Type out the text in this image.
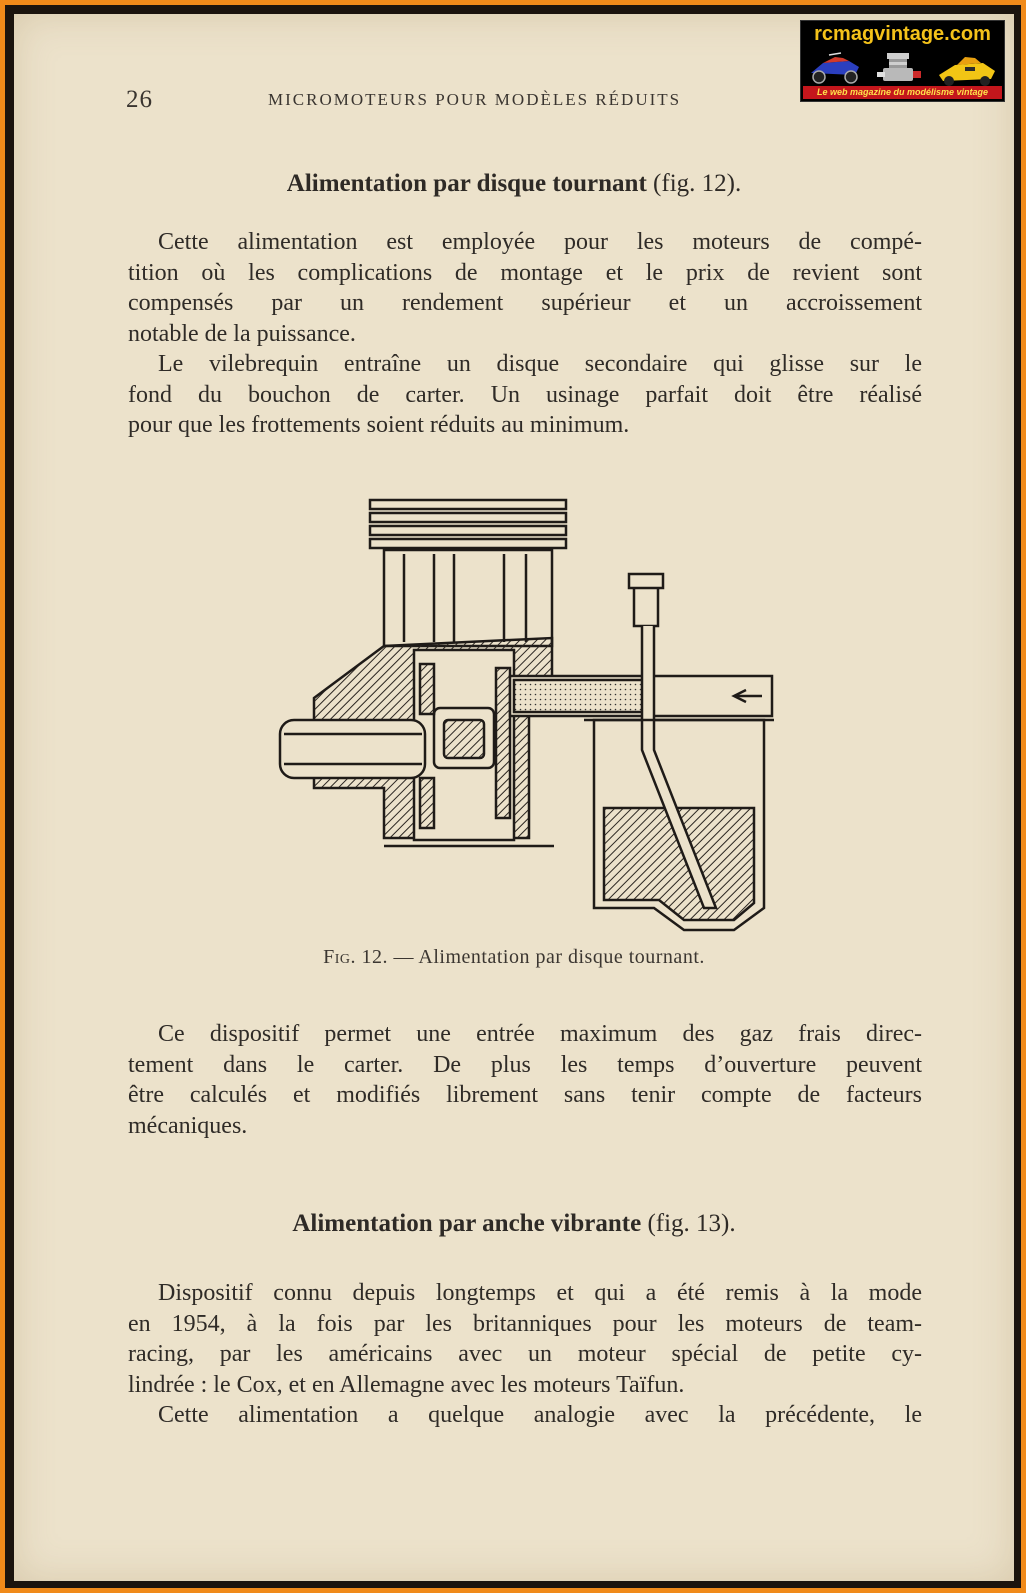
26	MICROMOTEURS POUR MODÈLES RÉDUITS
rcmagvintage.com
Le web magazine du modélisme vintage
Alimentation par disque tournant (fig. 12).
Cette alimentation est employée pour les moteurs de compé-
tition où les complications de montage et le prix de revient sont
compensés par un rendement supérieur et un accroissement
notable de la puissance.
Le vilebrequin entraîne un disque secondaire qui glisse sur le
fond du bouchon de carter. Un usinage parfait doit être réalisé
pour que les frottements soient réduits au minimum.
Fig. 12. — Alimentation par disque tournant.
Ce dispositif permet une entrée maximum des gaz frais direc-
tement dans le carter. De plus les temps d’ouverture peuvent
être calculés et modifiés librement sans tenir compte de facteurs
mécaniques.
Alimentation par anche vibrante (fig. 13).
Dispositif connu depuis longtemps et qui a été remis à la mode
en 1954, à la fois par les britanniques pour les moteurs de team-
racing, par les américains avec un moteur spécial de petite cy-
lindrée : le Cox, et en Allemagne avec les moteurs Taïfun.
Cette alimentation a quelque analogie avec la précédente, le
